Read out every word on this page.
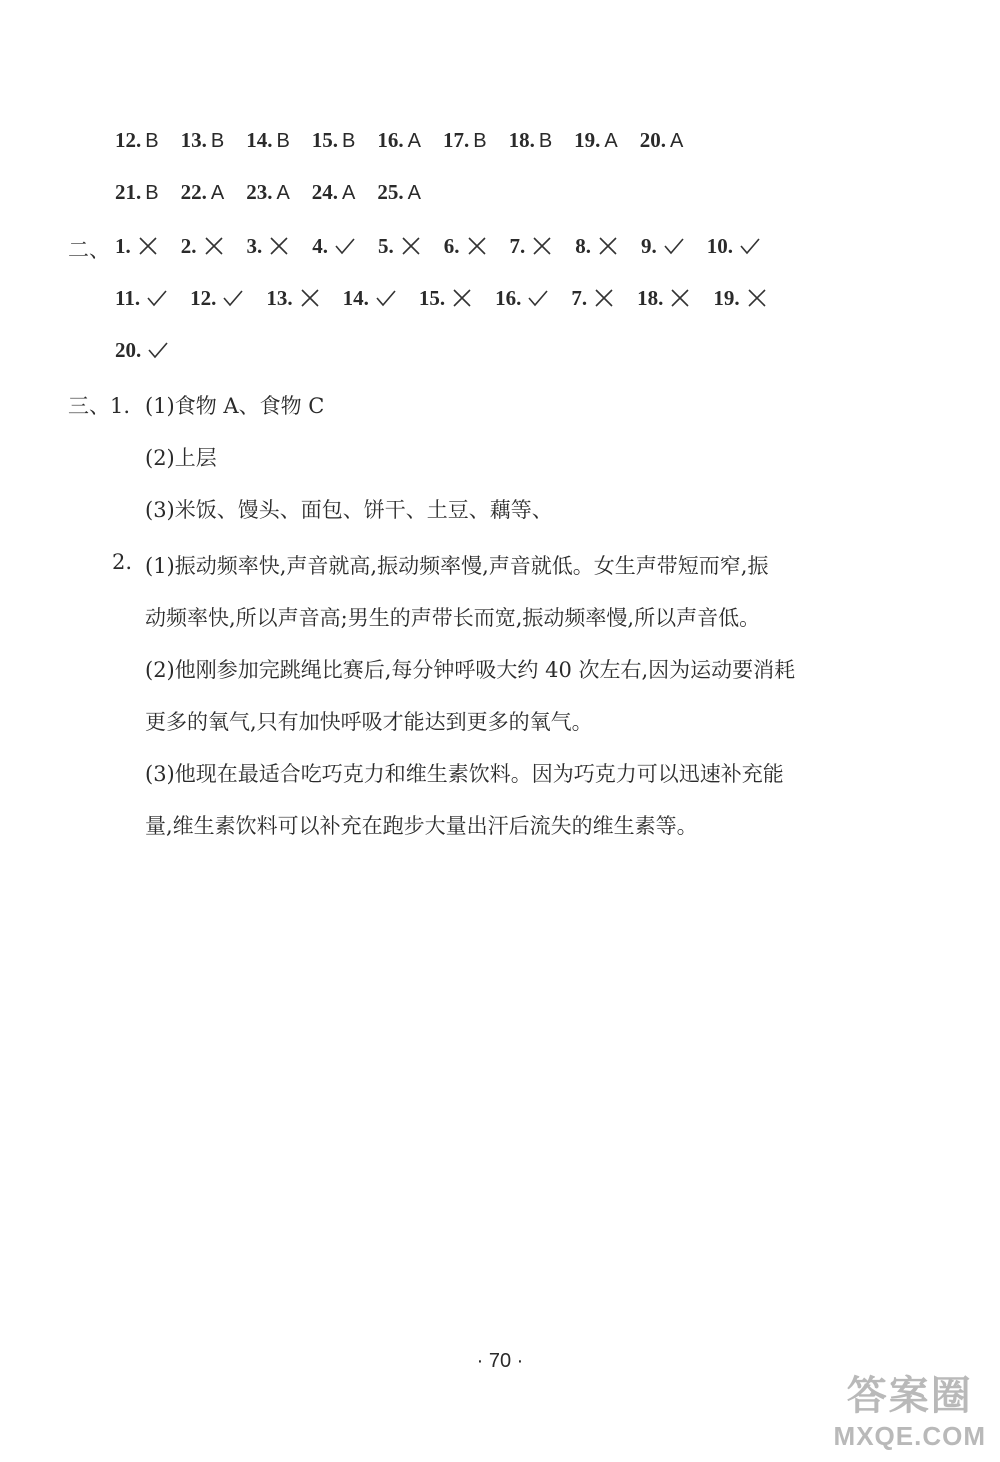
12. B 13. B 14. B 15. B 16. A 17. B 18. B 19. A 20. A
21. B 22. A 23. A 24. A 25. A
二、 1. 2. 3. 4. 5. 6. 7. 8. 9. 10.
11. 12. 13. 14. 15. 16. 7. 18. 19.
20.
三、1. (1)食物 A、食物 C
(2)上层
(3)米饭、馒头、面包、饼干、土豆、藕等、
2. (1)振动频率快,声音就高,振动频率慢,声音就低。女生声带短而窄,振
动频率快,所以声音高;男生的声带长而宽,振动频率慢,所以声音低。
(2)他刚参加完跳绳比赛后,每分钟呼吸大约 40 次左右,因为运动要消耗
更多的氧气,只有加快呼吸才能达到更多的氧气。
(3)他现在最适合吃巧克力和维生素饮料。因为巧克力可以迅速补充能
量,维生素饮料可以补充在跑步大量出汗后流失的维生素等。
· 70 ·
答案圈
MXQE.COM
